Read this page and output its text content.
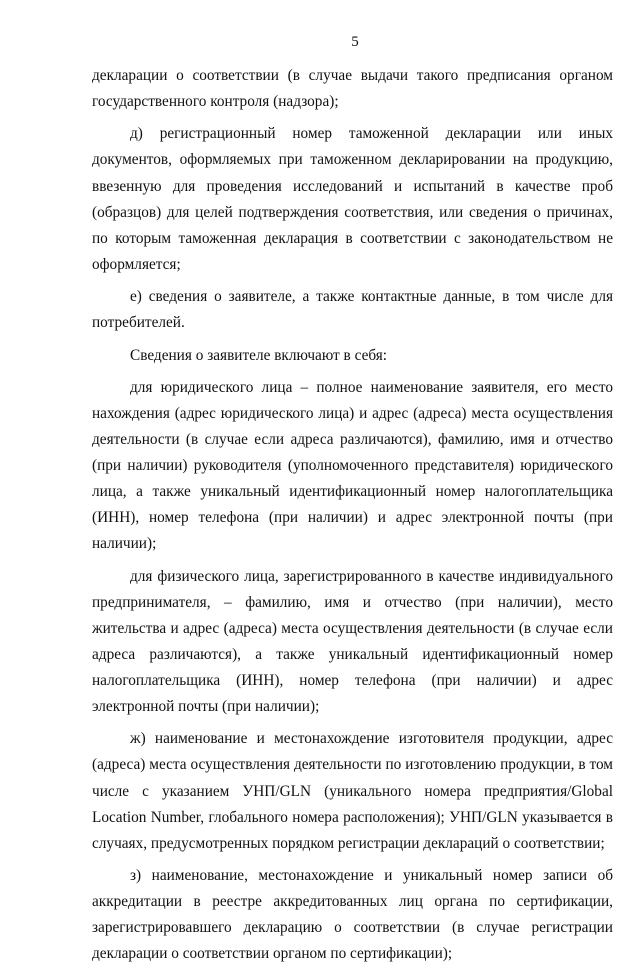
5

декларации о соответствии (в случае выдачи такого предписания органом государственного контроля (надзора);

д) регистрационный номер таможенной декларации или иных документов, оформляемых при таможенном декларировании на продукцию, ввезенную для проведения исследований и испытаний в качестве проб (образцов) для целей подтверждения соответствия, или сведения о причинах, по которым таможенная декларация в соответствии с законодательством не оформляется;

е) сведения о заявителе, а также контактные данные, в том числе для потребителей.

Сведения о заявителе включают в себя:

для юридического лица – полное наименование заявителя, его место нахождения (адрес юридического лица) и адрес (адреса) места осуществления деятельности (в случае если адреса различаются), фамилию, имя и отчество (при наличии) руководителя (уполномоченного представителя) юридического лица, а также уникальный идентификационный номер налогоплательщика (ИНН), номер телефона (при наличии) и адрес электронной почты (при наличии);

для физического лица, зарегистрированного в качестве индивидуального предпринимателя, – фамилию, имя и отчество (при наличии), место жительства и адрес (адреса) места осуществления деятельности (в случае если адреса различаются), а также уникальный идентификационный номер налогоплательщика (ИНН), номер телефона (при наличии) и адрес электронной почты (при наличии);

ж) наименование и местонахождение изготовителя продукции, адрес (адреса) места осуществления деятельности по изготовлению продукции, в том числе с указанием УНП/GLN (уникального номера предприятия/Global Location Number, глобального номера расположения); УНП/GLN указывается в случаях, предусмотренных порядком регистрации деклараций о соответствии;

з) наименование, местонахождение и уникальный номер записи об аккредитации в реестре аккредитованных лиц органа по сертификации, зарегистрировавшего декларацию о соответствии (в случае регистрации декларации о соответствии органом по сертификации);
